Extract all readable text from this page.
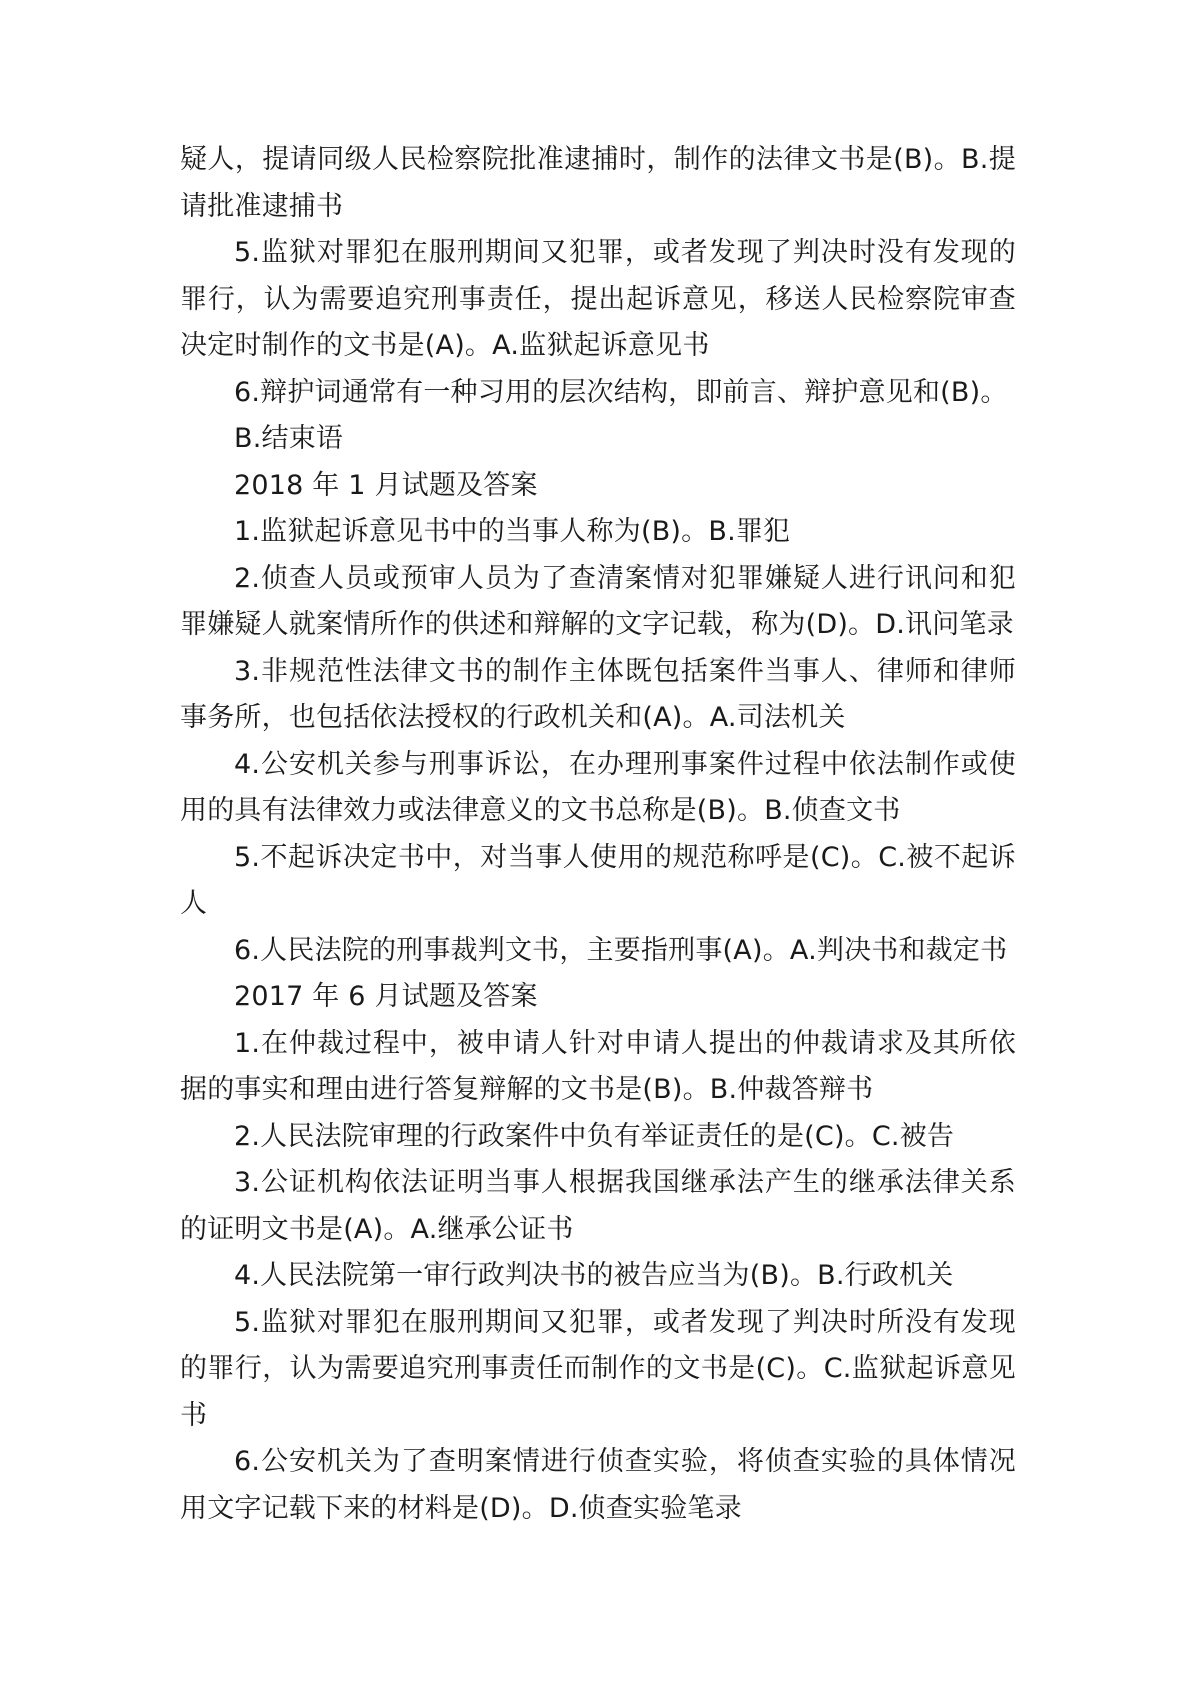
疑人，提请同级人民检察院批准逮捕时，制作的法律文书是(B)。B.提请批准逮捕书

5.监狱对罪犯在服刑期间又犯罪，或者发现了判决时没有发现的罪行，认为需要追究刑事责任，提出起诉意见，移送人民检察院审查决定时制作的文书是(A)。A.监狱起诉意见书

6.辩护词通常有一种习用的层次结构，即前言、辩护意见和(B)。

B.结束语

2018 年 1 月试题及答案

1.监狱起诉意见书中的当事人称为(B)。B.罪犯

2.侦查人员或预审人员为了查清案情对犯罪嫌疑人进行讯问和犯罪嫌疑人就案情所作的供述和辩解的文字记载，称为(D)。D.讯问笔录

3.非规范性法律文书的制作主体既包括案件当事人、律师和律师事务所，也包括依法授权的行政机关和(A)。A.司法机关

4.公安机关参与刑事诉讼，在办理刑事案件过程中依法制作或使用的具有法律效力或法律意义的文书总称是(B)。B.侦查文书

5.不起诉决定书中，对当事人使用的规范称呼是(C)。C.被不起诉人

6.人民法院的刑事裁判文书，主要指刑事(A)。A.判决书和裁定书

2017 年 6 月试题及答案

1.在仲裁过程中，被申请人针对申请人提出的仲裁请求及其所依据的事实和理由进行答复辩解的文书是(B)。B.仲裁答辩书

2.人民法院审理的行政案件中负有举证责任的是(C)。C.被告

3.公证机构依法证明当事人根据我国继承法产生的继承法律关系的证明文书是(A)。A.继承公证书

4.人民法院第一审行政判决书的被告应当为(B)。B.行政机关

5.监狱对罪犯在服刑期间又犯罪，或者发现了判决时所没有发现的罪行，认为需要追究刑事责任而制作的文书是(C)。C.监狱起诉意见书

6.公安机关为了查明案情进行侦查实验，将侦查实验的具体情况用文字记载下来的材料是(D)。D.侦查实验笔录
